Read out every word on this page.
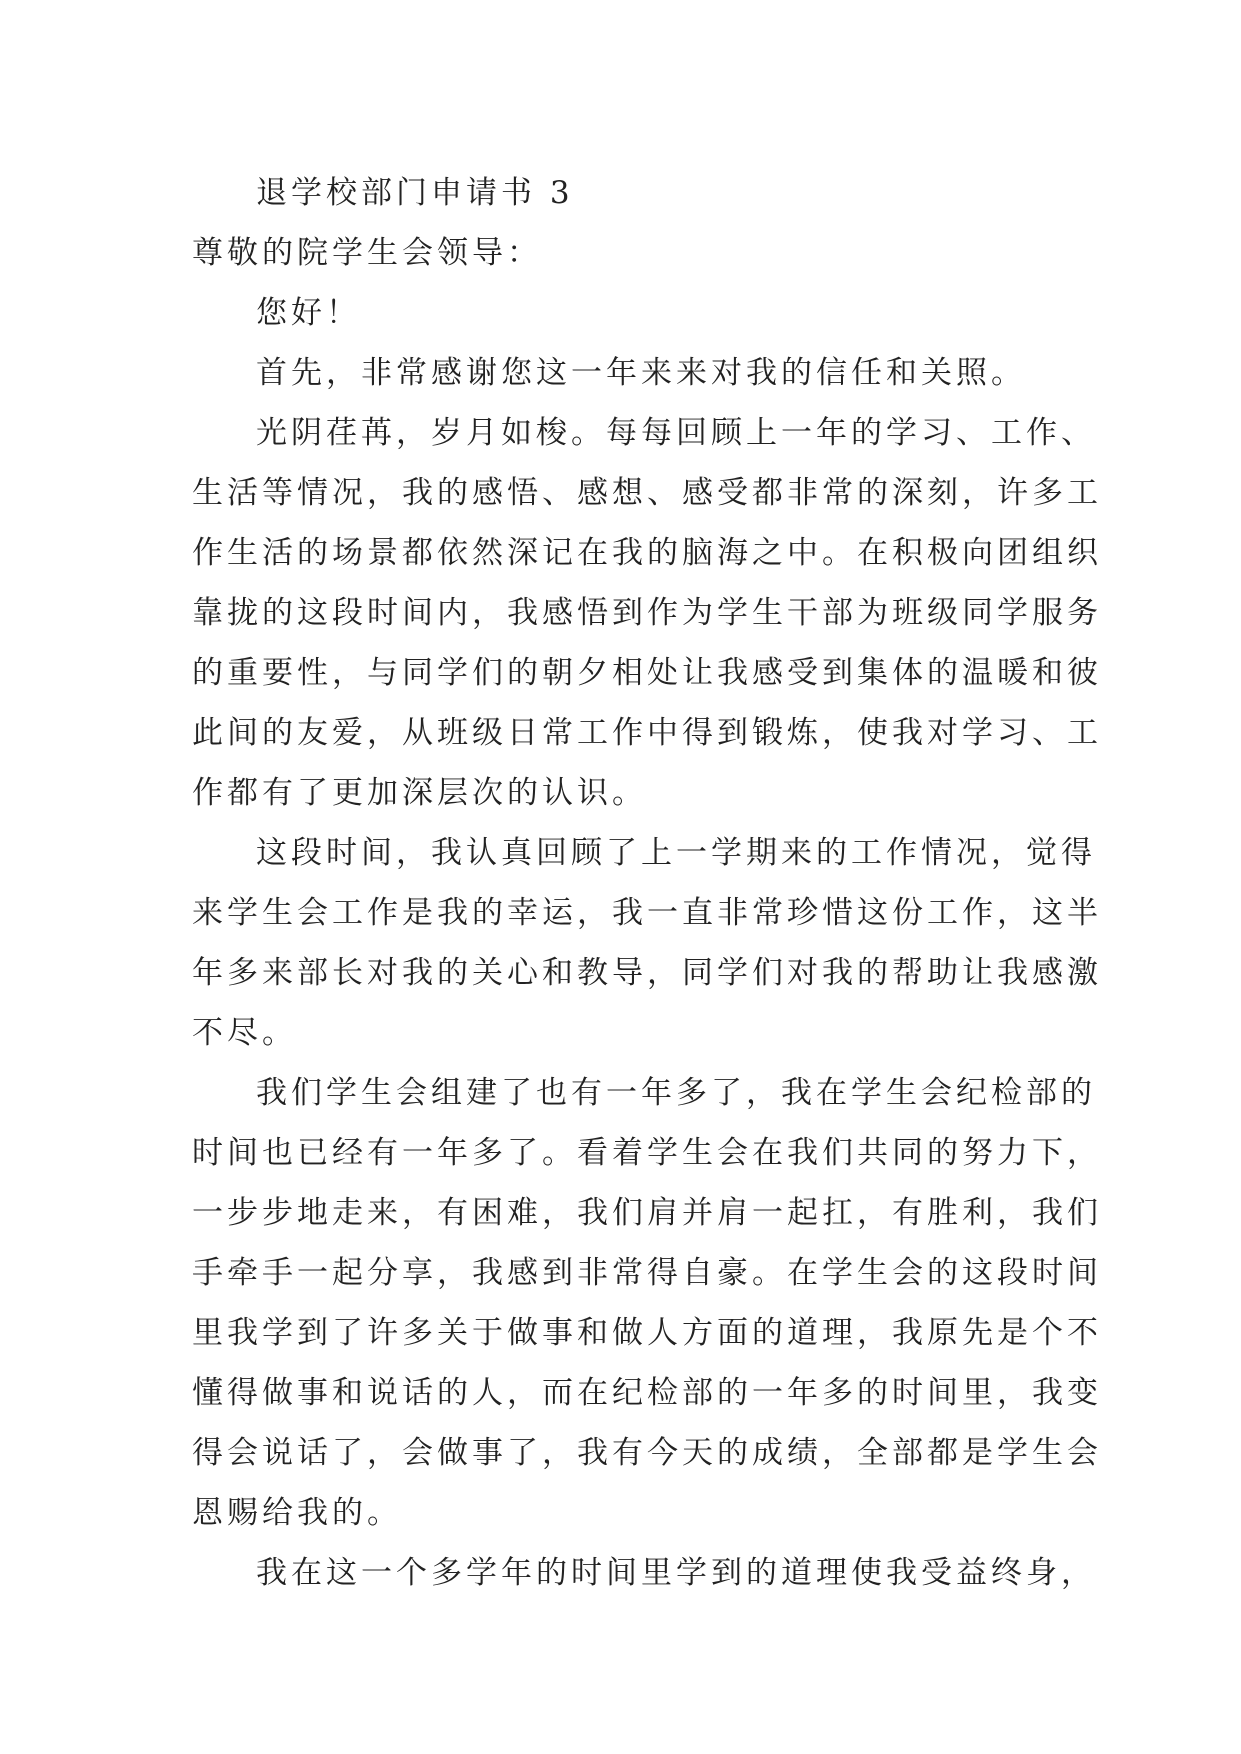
退学校部门申请书 3
尊敬的院学生会领导：
您好！
首先，非常感谢您这一年来来对我的信任和关照。
光阴荏苒，岁月如梭。每每回顾上一年的学习、工作、
生活等情况，我的感悟、感想、感受都非常的深刻，许多工
作生活的场景都依然深记在我的脑海之中。在积极向团组织
靠拢的这段时间内，我感悟到作为学生干部为班级同学服务
的重要性，与同学们的朝夕相处让我感受到集体的温暖和彼
此间的友爱，从班级日常工作中得到锻炼，使我对学习、工
作都有了更加深层次的认识。
这段时间，我认真回顾了上一学期来的工作情况，觉得
来学生会工作是我的幸运，我一直非常珍惜这份工作，这半
年多来部长对我的关心和教导，同学们对我的帮助让我感激
不尽。
我们学生会组建了也有一年多了，我在学生会纪检部的
时间也已经有一年多了。看着学生会在我们共同的努力下，
一步步地走来，有困难，我们肩并肩一起扛，有胜利，我们
手牵手一起分享，我感到非常得自豪。在学生会的这段时间
里我学到了许多关于做事和做人方面的道理，我原先是个不
懂得做事和说话的人，而在纪检部的一年多的时间里，我变
得会说话了，会做事了，我有今天的成绩，全部都是学生会
恩赐给我的。
我在这一个多学年的时间里学到的道理使我受益终身，
